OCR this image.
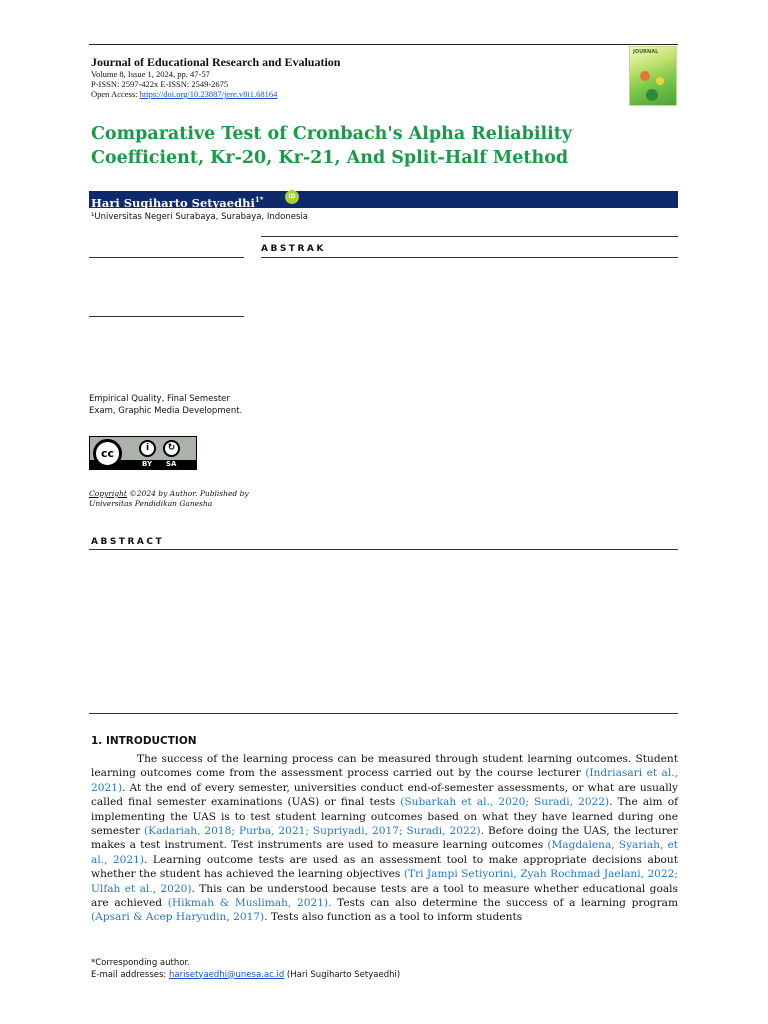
Journal of Educational Research and Evaluation
Volume 8, Issue 1, 2024, pp. 47-57
P-ISSN: 2597-422x E-ISSN: 2549-2675
Open Access: https://doi.org/10.23887/jere.v8i1.68164
JOURNAL
Comparative Test of Cronbach's Alpha Reliability Coefficient, Kr-20, Kr-21, And Split-Half Method
Hari Sugiharto Setyaedhi$^{1*}$	iD
¹Universitas Negeri Surabaya, Surabaya, Indonesia
ABSTRAK
Empirical Quality, Final Semester Exam, Graphic Media Development.
cc	i	↻
BY SA
Copyright ©2024 by Author. Published by Universitas Pendidikan Ganesha
ABSTRACT
1. INTRODUCTION
The success of the learning process can be measured through student learning outcomes. Student learning outcomes come from the assessment process carried out by the course lecturer (Indriasari et al., 2021). At the end of every semester, universities conduct end-of-semester assessments, or what are usually called final semester examinations (UAS) or final tests (Subarkah et al., 2020; Suradi, 2022). The aim of implementing the UAS is to test student learning outcomes based on what they have learned during one semester (Kadariah, 2018; Purba, 2021; Supriyadi, 2017; Suradi, 2022). Before doing the UAS, the lecturer makes a test instrument. Test instruments are used to measure learning outcomes (Magdalena, Syariah, et al., 2021). Learning outcome tests are used as an assessment tool to make appropriate decisions about whether the student has achieved the learning objectives (Tri Jampi Setiyorini, Zyah Rochmad Jaelani, 2022; Ulfah et al., 2020). This can be understood because tests are a tool to measure whether educational goals are achieved (Hikmah & Muslimah, 2021). Tests can also determine the success of a learning program (Apsari & Acep Haryudin, 2017). Tests also function as a tool to inform students
*Corresponding author.
E-mail addresses: harisetyaedhi@unesa.ac.id (Hari Sugiharto Setyaedhi)
